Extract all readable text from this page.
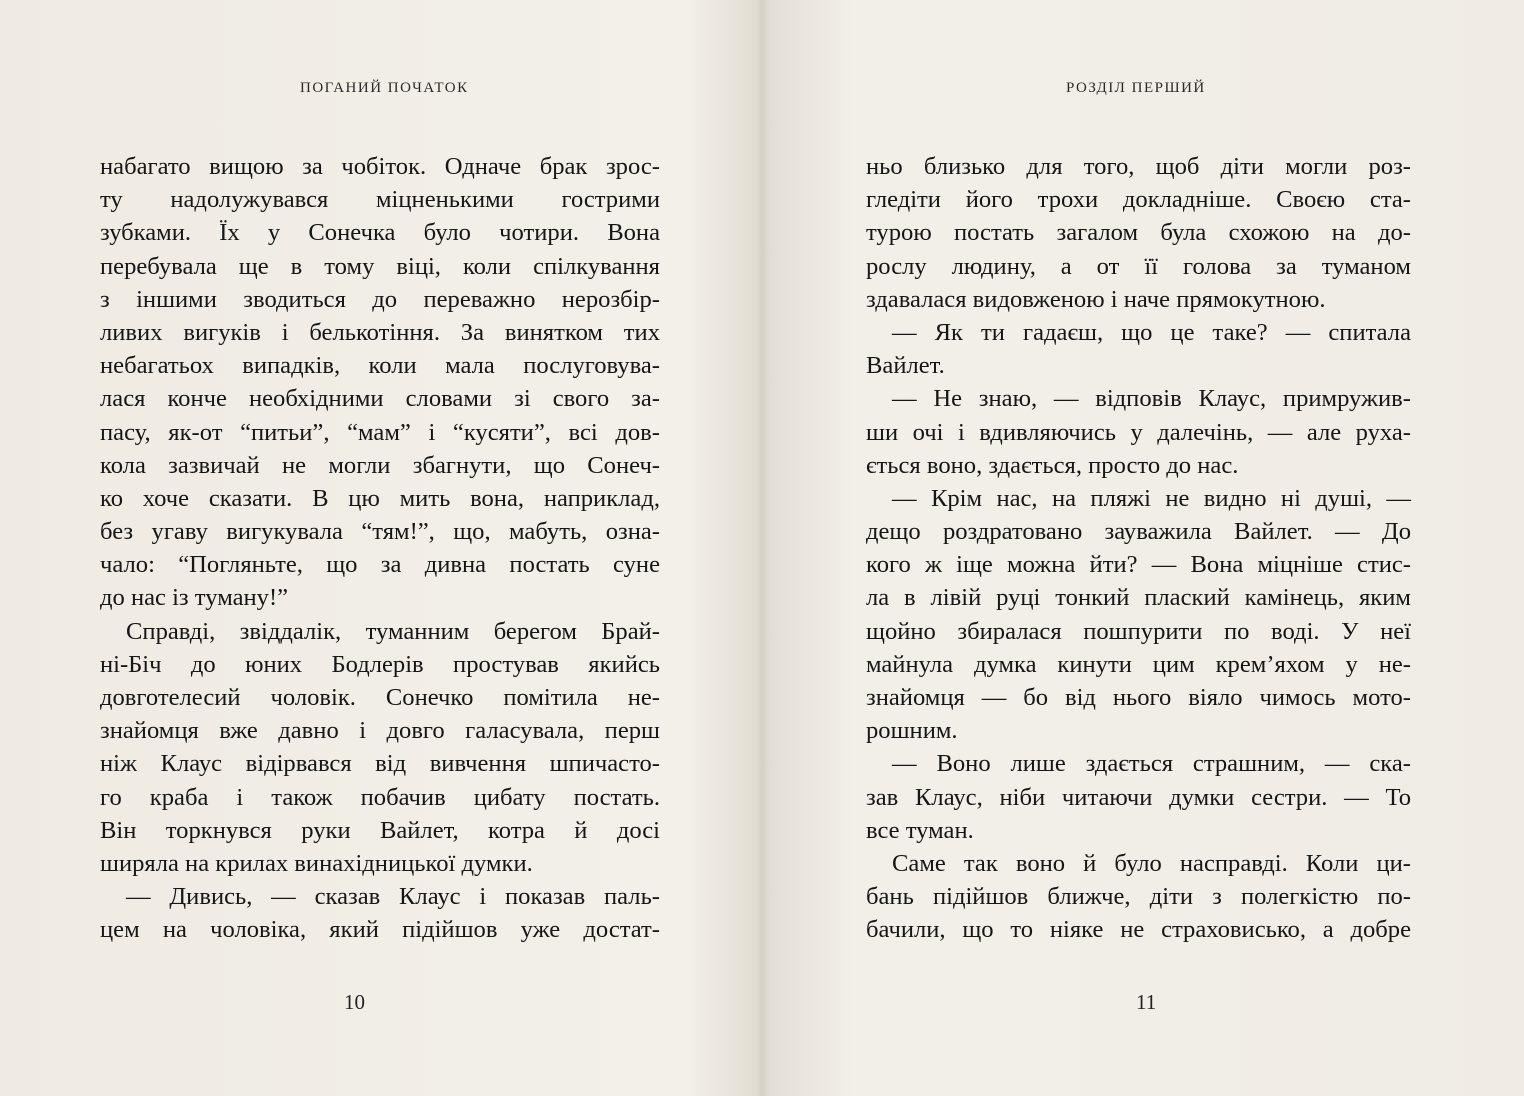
ПОГАНИЙ ПОЧАТОК
набагато вищою за чобіток. Одначе брак зрос-
ту надолужувався міцненькими гострими
зубками. Їх у Сонечка було чотири. Вона
перебувала ще в тому віці, коли спілкування
з іншими зводиться до переважно нерозбір-
ливих вигуків і белькотіння. За винятком тих
небагатьох випадків, коли мала послуговува-
лася конче необхідними словами зі свого за-
пасу, як-от “питьи”, “мам” і “кусяти”, всі дов-
кола зазвичай не могли збагнути, що Сонеч-
ко хоче сказати. В цю мить вона, наприклад,
без угаву вигукувала “тям!”, що, мабуть, озна-
чало: “Погляньте, що за дивна постать суне
до нас із туману!”
Справді, звіддалік, туманним берегом Брай-
ні-Біч до юних Бодлерів простував якийсь
довготелесий чоловік. Сонечко помітила не-
знайомця вже давно і довго галасувала, перш
ніж Клаус відірвався від вивчення шпичасто-
го краба і також побачив цибату постать.
Він торкнувся руки Вайлет, котра й досі
ширяла на крилах винахідницької думки.
— Дивись, — сказав Клаус і показав паль-
цем на чоловіка, який підійшов уже достат-
10
РОЗДІЛ ПЕРШИЙ
ньо близько для того, щоб діти могли роз-
гледіти його трохи докладніше. Своєю ста-
турою постать загалом була схожою на до-
рослу людину, а от її голова за туманом
здавалася видовженою і наче прямокутною.
— Як ти гадаєш, що це таке? — спитала
Вайлет.
— Не знаю, — відповів Клаус, примружив-
ши очі і вдивляючись у далечінь, — але руха-
ється воно, здається, просто до нас.
— Крім нас, на пляжі не видно ні душі, —
дещо роздратовано зауважила Вайлет. — До
кого ж іще можна йти? — Вона міцніше стис-
ла в лівій руці тонкий плаский камінець, яким
щойно збиралася пошпурити по воді. У неї
майнула думка кинути цим крем’яхом у не-
знайомця — бо від нього віяло чимось мото-
рошним.
— Воно лише здається страшним, — ска-
зав Клаус, ніби читаючи думки сестри. — То
все туман.
Саме так воно й було насправді. Коли ци-
бань підійшов ближче, діти з полегкістю по-
бачили, що то ніяке не страховисько, а добре
11
